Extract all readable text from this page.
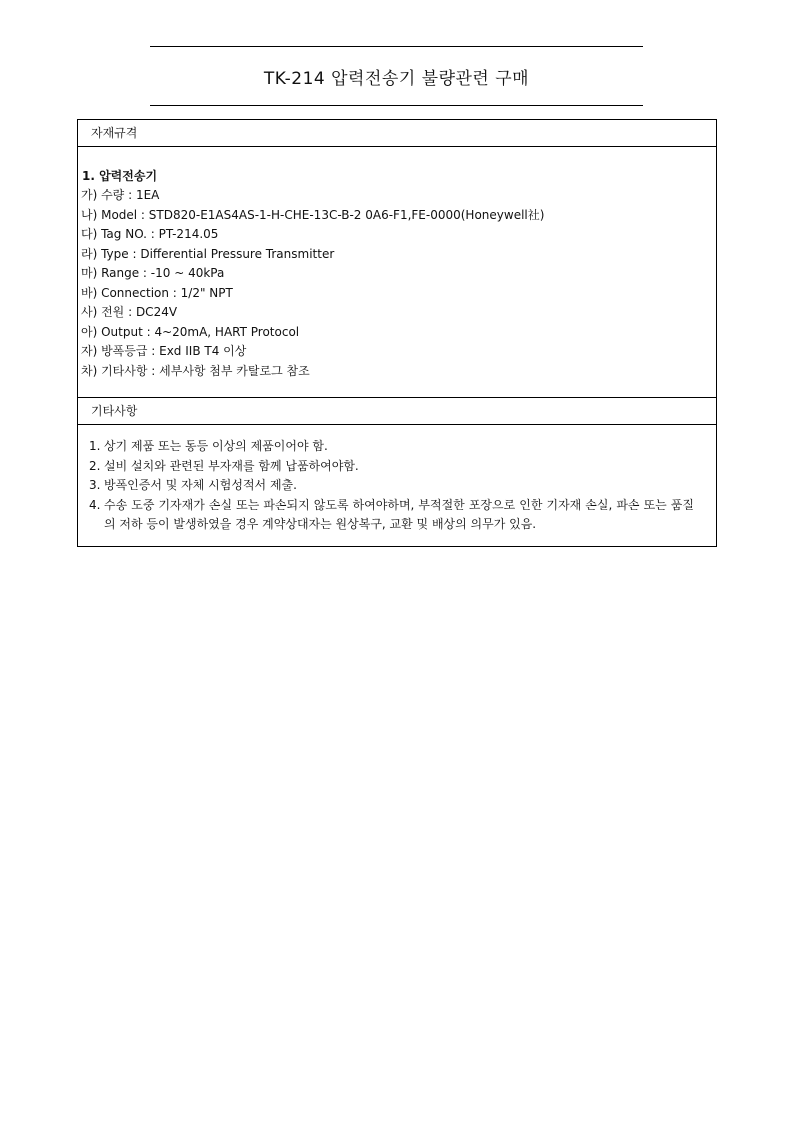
TK-214 압력전송기 불량관련 구매
자재규격
1. 압력전송기
가) 수량 : 1EA
나) Model : STD820-E1AS4AS-1-H-CHE-13C-B-2 0A6-F1,FE-0000(Honeywell社)
다) Tag NO. : PT-214.05
라) Type : Differential Pressure Transmitter
마) Range : -10 ~ 40kPa
바) Connection : 1/2" NPT
사) 전원 : DC24V
아) Output : 4~20mA, HART Protocol
자) 방폭등급 : Exd IIB T4 이상
차) 기타사항 : 세부사항 첨부 카탈로그 참조
기타사항
1. 상기 제품 또는 동등 이상의 제품이어야 함.
2. 설비 설치와 관련된 부자재를 함께 납품하여야함.
3. 방폭인증서 및 자체 시험성적서 제출.
4. 수송 도중 기자재가 손실 또는 파손되지 않도록 하여야하며, 부적절한 포장으로 인한 기자재 손실, 파손 또는 품질의 저하 등이 발생하였을 경우 계약상대자는 원상복구, 교환 및 배상의 의무가 있음.
